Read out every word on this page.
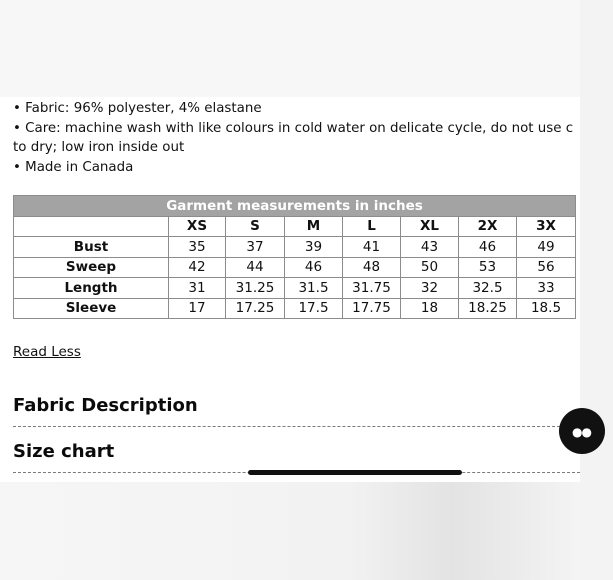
• Fabric: 96% polyester, 4% elastane
• Care: machine wash with like colours in cold water on delicate cycle, do not use c
to dry; low iron inside out
• Made in Canada
Garment measurements in inches							
	XS	S	M	L	XL	2X	3X
Bust	35	37	39	41	43	46	49
Sweep	42	44	46	48	50	53	56
Length	31	31.25	31.5	31.75	32	32.5	33
Sleeve	17	17.25	17.5	17.75	18	18.25	18.5
Read Less
Fabric Description
Size chart
●●
